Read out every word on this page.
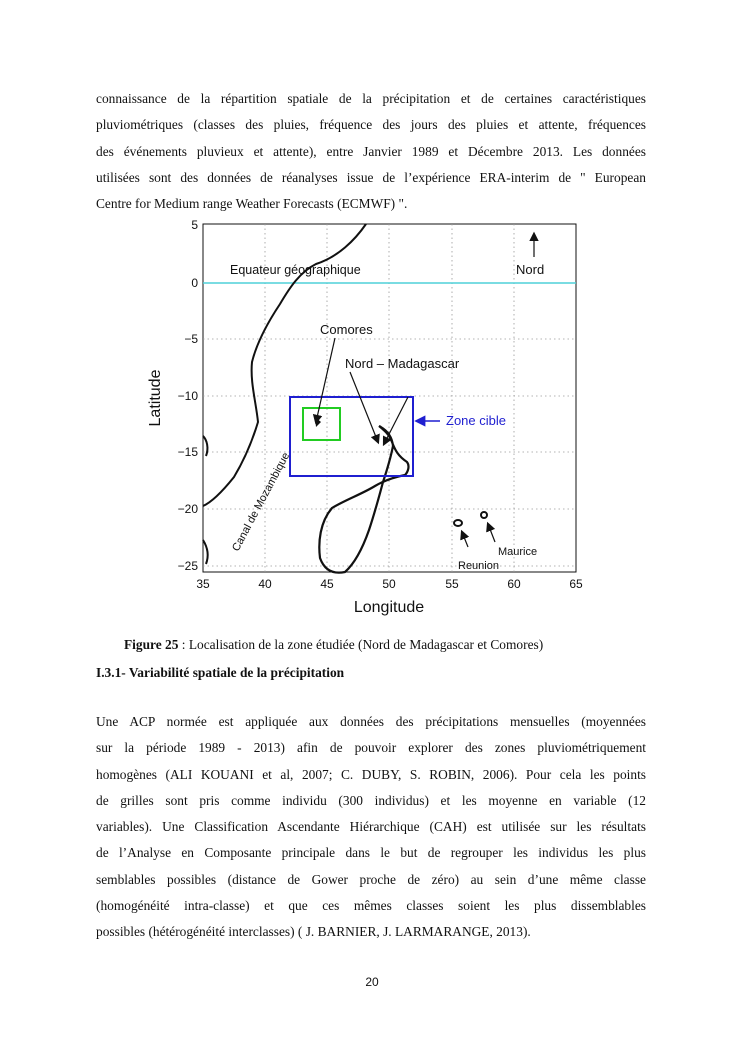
connaissance de la répartition spatiale de la précipitation et de certaines caractéristiques
pluviométriques (classes des pluies, fréquence des jours des pluies et attente, fréquences
des événements pluvieux et attente), entre Janvier 1989 et Décembre 2013. Les données
utilisées sont des données de réanalyses issue de l’expérience ERA-interim de " European
Centre for Medium range Weather Forecasts (ECMWF) ".
Equateur géographique
Comores
Nord – Madagascar
Zone cible
Nord
Canal de Mozambique	Maurice
Reunion
5
0
−5
−10
−15
−20
−25
35	40	45	50	55	60	65
Longitude
Latitude
Figure 25 : Localisation de la zone étudiée (Nord de Madagascar et Comores)
I.3.1- Variabilité spatiale de la précipitation
Une ACP normée est appliquée aux données des précipitations mensuelles (moyennées
sur la période 1989 - 2013) afin de pouvoir explorer des zones pluviométriquement
homogènes (ALI KOUANI et al, 2007; C. DUBY, S. ROBIN, 2006). Pour cela les points
de grilles sont pris comme individu (300 individus) et les moyenne en variable (12
variables). Une Classification Ascendante Hiérarchique (CAH) est utilisée sur les résultats
de l’Analyse en Composante principale dans le but de regrouper les individus les plus
semblables possibles (distance de Gower proche de zéro) au sein d’une même classe
(homogénéité intra-classe) et que ces mêmes classes soient les plus dissemblables
possibles (hétérogénéité interclasses) ( J. BARNIER, J. LARMARANGE, 2013).
20
